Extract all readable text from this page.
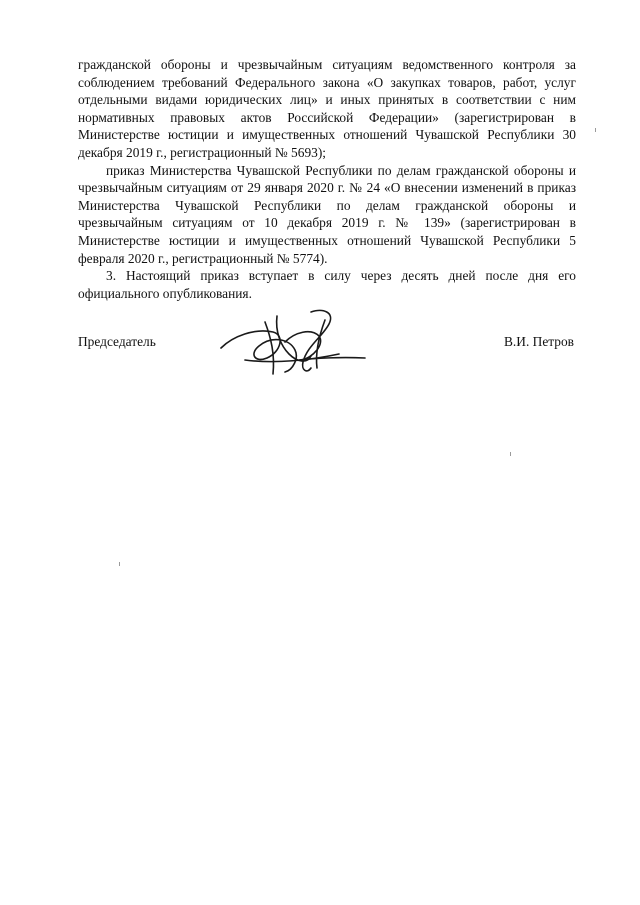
гражданской обороны и чрезвычайным ситуациям ведомственного контроля за соблюдением требований Федерального закона «О закупках товаров, работ, услуг отдельными видами юридических лиц» и иных принятых в соответствии с ним нормативных правовых актов Российской Федерации» (зарегистрирован в Министерстве юстиции и имущественных отношений Чувашской Республики 30 декабря 2019 г., регистрационный № 5693);

приказ Министерства Чувашской Республики по делам гражданской обороны и чрезвычайным ситуациям от 29 января 2020 г. № 24 «О внесении изменений в приказ Министерства Чувашской Республики по делам гражданской обороны и чрезвычайным ситуациям от 10 декабря 2019 г. № 139» (зарегистрирован в Министерстве юстиции и имущественных отношений Чувашской Республики 5 февраля 2020 г., регистрационный № 5774).

3. Настоящий приказ вступает в силу через десять дней после дня его официального опубликования.

Председатель	В.И. Петров
